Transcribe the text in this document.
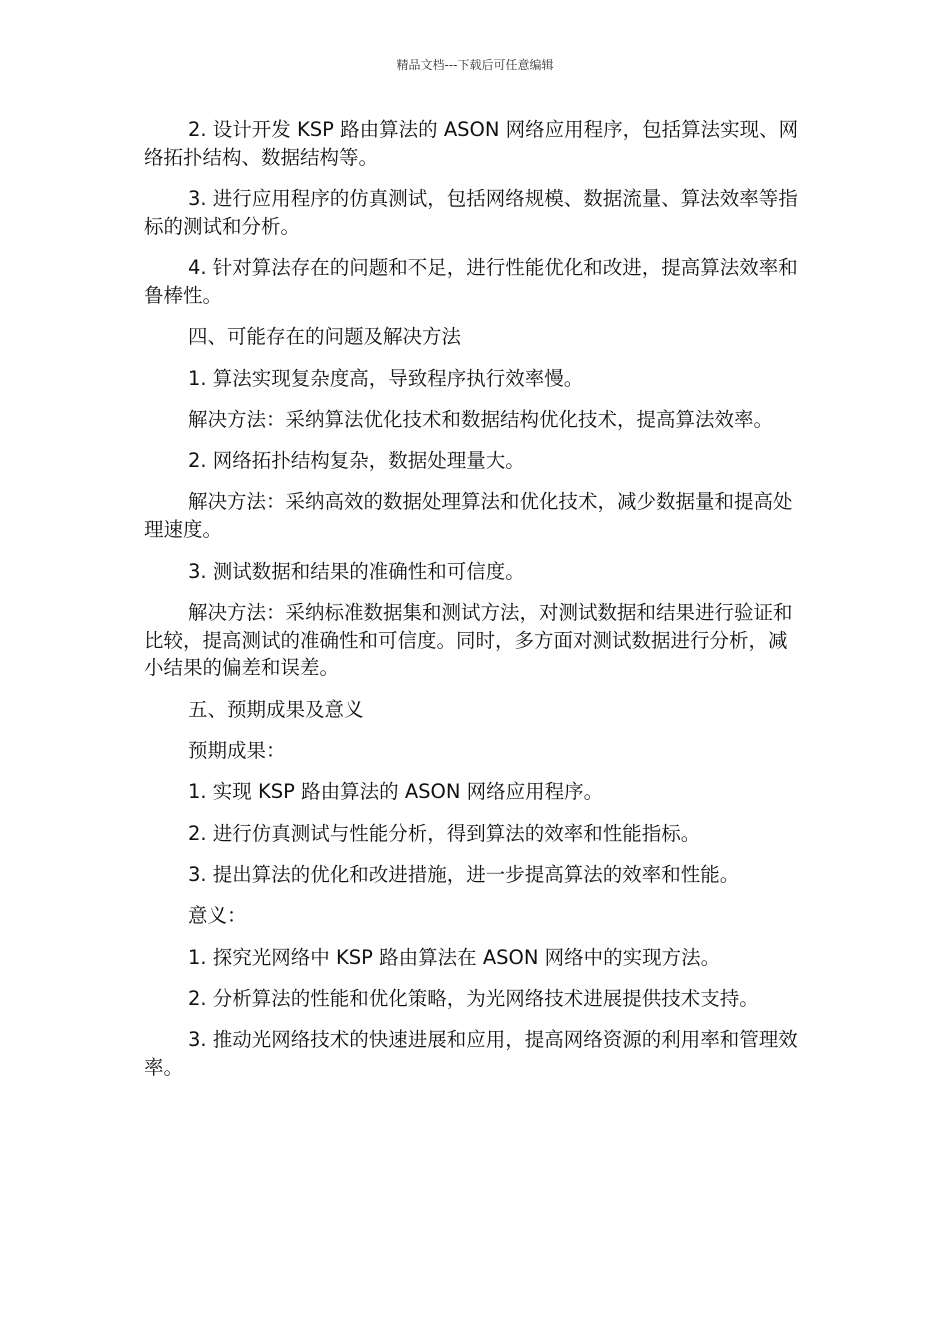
精品文档---下载后可任意编辑

2. 设计开发 KSP 路由算法的 ASON 网络应用程序，包括算法实现、网络拓扑结构、数据结构等。

3. 进行应用程序的仿真测试，包括网络规模、数据流量、算法效率等指标的测试和分析。

4. 针对算法存在的问题和不足，进行性能优化和改进，提高算法效率和鲁棒性。

四、可能存在的问题及解决方法

1. 算法实现复杂度高，导致程序执行效率慢。

解决方法：采纳算法优化技术和数据结构优化技术，提高算法效率。

2. 网络拓扑结构复杂，数据处理量大。

解决方法：采纳高效的数据处理算法和优化技术，减少数据量和提高处理速度。

3. 测试数据和结果的准确性和可信度。

解决方法：采纳标准数据集和测试方法，对测试数据和结果进行验证和比较，提高测试的准确性和可信度。同时，多方面对测试数据进行分析，减小结果的偏差和误差。

五、预期成果及意义

预期成果：

1. 实现 KSP 路由算法的 ASON 网络应用程序。

2. 进行仿真测试与性能分析，得到算法的效率和性能指标。

3. 提出算法的优化和改进措施，进一步提高算法的效率和性能。

意义：

1. 探究光网络中 KSP 路由算法在 ASON 网络中的实现方法。

2. 分析算法的性能和优化策略，为光网络技术进展提供技术支持。

3. 推动光网络技术的快速进展和应用，提高网络资源的利用率和管理效率。
